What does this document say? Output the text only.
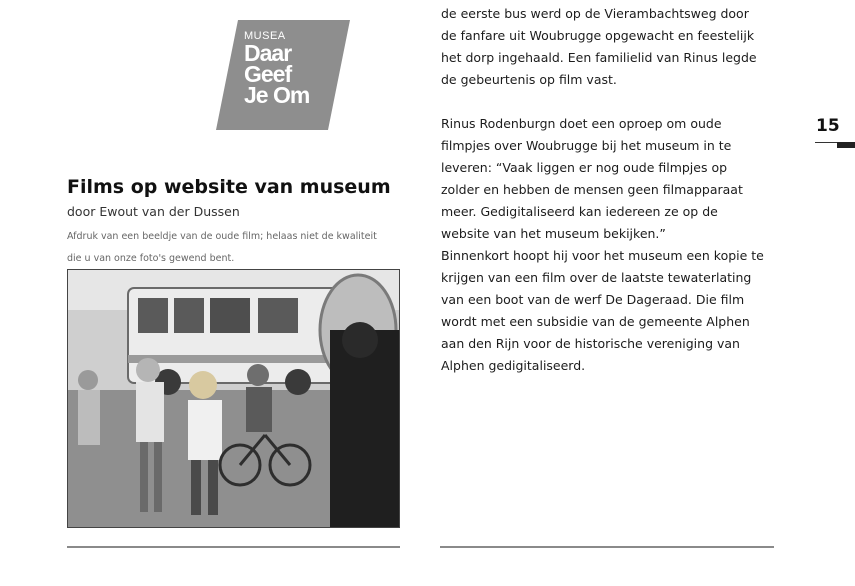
MUSEA
Daar
Geef
Je Om
Films op website van museum
door Ewout van der Dussen
Afdruk van een beeldje van de oude film; helaas niet de kwaliteit
die u van onze foto's gewend bent.
de eerste bus werd op de Vierambachtsweg door
de fanfare uit Woubrugge opgewacht en feestelijk
het dorp ingehaald. Een familielid van Rinus legde
de gebeurtenis op film vast.
Rinus Rodenburgn doet een oproep om oude
filmpjes over Woubrugge bij het museum in te
leveren: “Vaak liggen er nog oude filmpjes op
zolder en hebben de mensen geen filmapparaat
meer. Gedigitaliseerd kan iedereen ze op de
website van het museum bekijken.”
Binnenkort hoopt hij voor het museum een kopie te
krijgen van een film over de laatste tewaterlating
van een boot van de werf De Dageraad. Die film
wordt met een subsidie van de gemeente Alphen
aan den Rijn voor de historische vereniging van
Alphen gedigitaliseerd.
15
